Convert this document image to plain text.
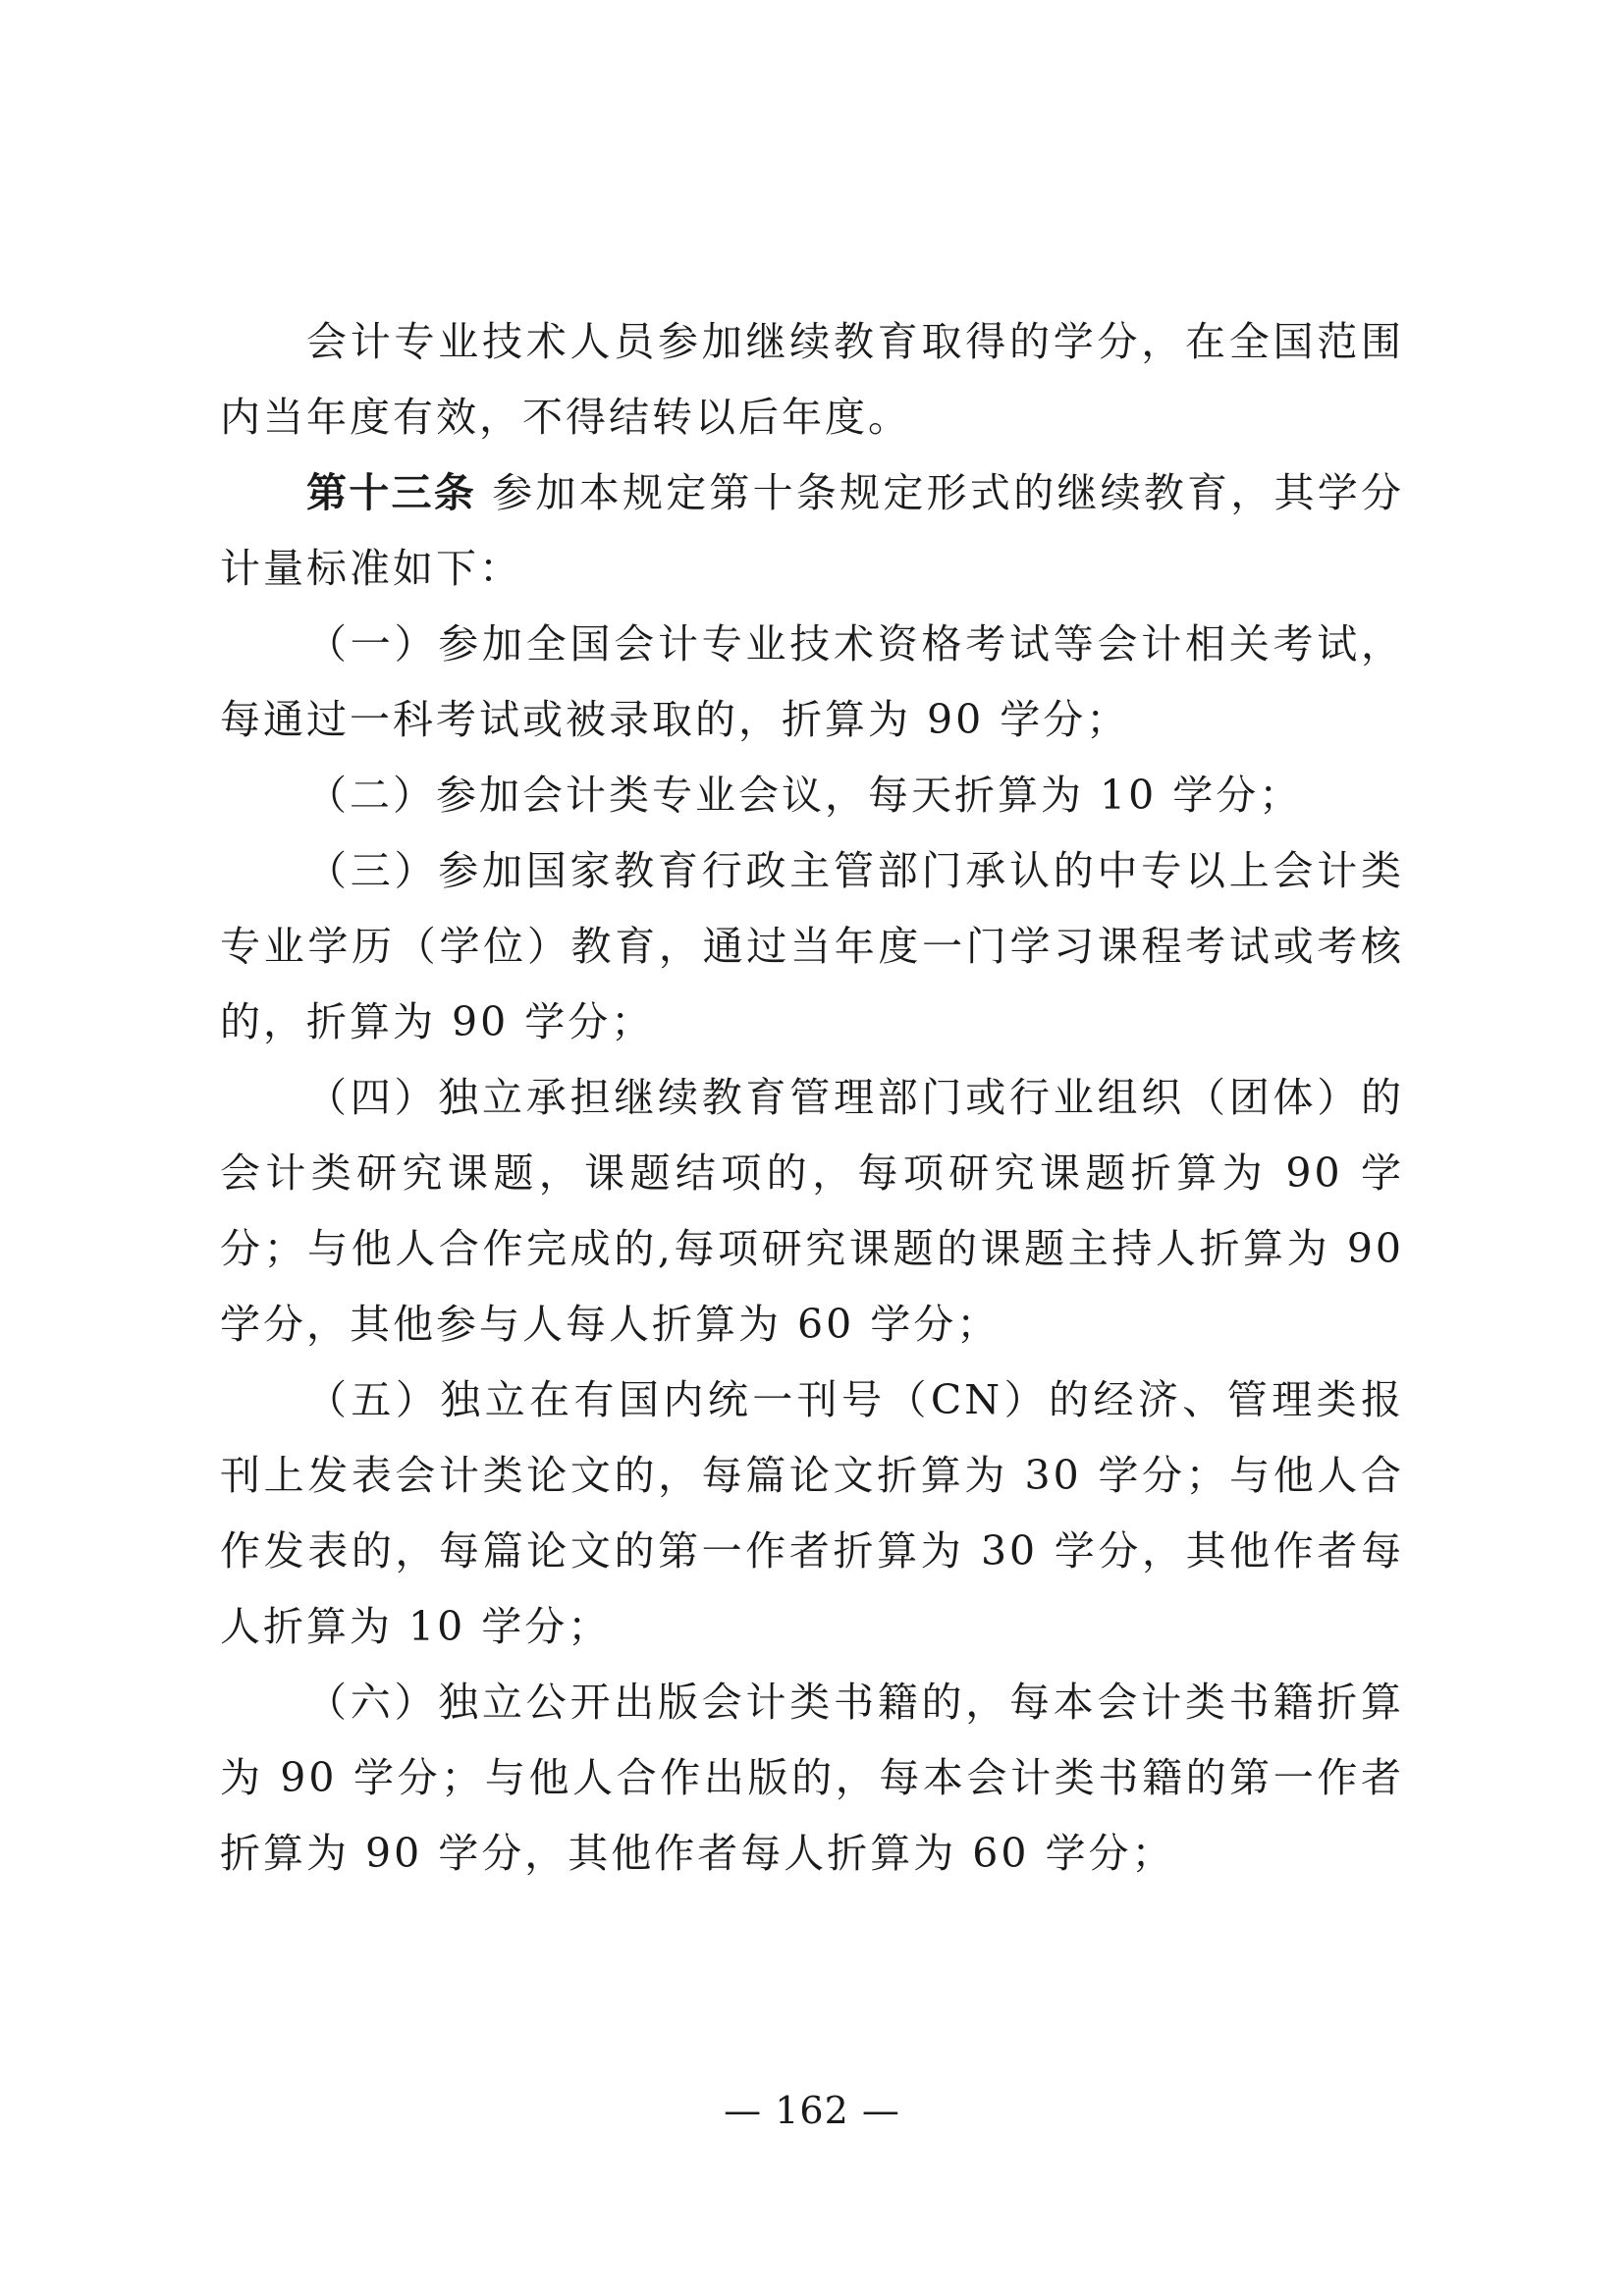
会计专业技术人员参加继续教育取得的学分，在全国范围内当年度有效，不得结转以后年度。

第十三条 参加本规定第十条规定形式的继续教育，其学分计量标准如下：

（一）参加全国会计专业技术资格考试等会计相关考试，每通过一科考试或被录取的，折算为 90 学分；

（二）参加会计类专业会议，每天折算为 10 学分；

（三）参加国家教育行政主管部门承认的中专以上会计类专业学历（学位）教育，通过当年度一门学习课程考试或考核的，折算为 90 学分；

（四）独立承担继续教育管理部门或行业组织（团体）的会计类研究课题，课题结项的，每项研究课题折算为 90 学分；与他人合作完成的,每项研究课题的课题主持人折算为 90 学分，其他参与人每人折算为 60 学分；

（五）独立在有国内统一刊号（CN）的经济、管理类报刊上发表会计类论文的，每篇论文折算为 30 学分；与他人合作发表的，每篇论文的第一作者折算为 30 学分，其他作者每人折算为 10 学分；

（六）独立公开出版会计类书籍的，每本会计类书籍折算为 90 学分；与他人合作出版的，每本会计类书籍的第一作者折算为 90 学分，其他作者每人折算为 60 学分；

— 162 —
